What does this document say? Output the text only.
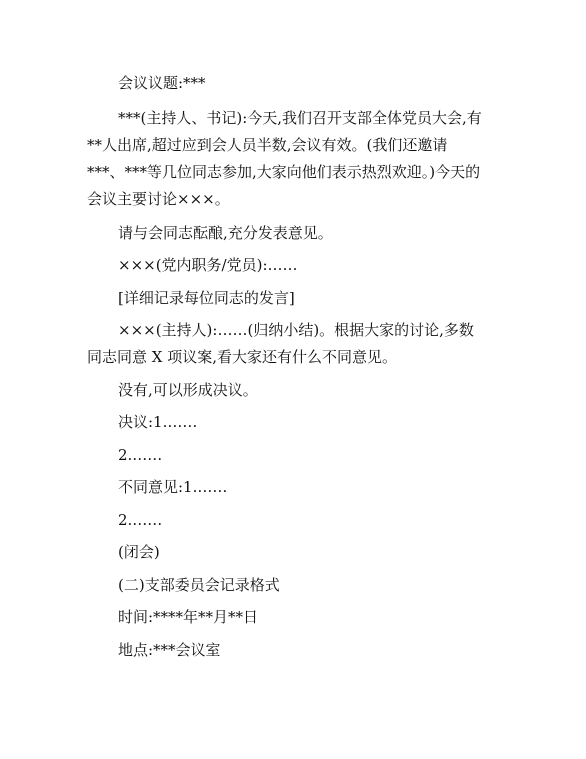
会议议题:***
***(主持人、书记):今天,我们召开支部全体党员大会,有
**人出席,超过应到会人员半数,会议有效。(我们还邀请
***、***等几位同志参加,大家向他们表示热烈欢迎。)今天的
会议主要讨论×××。
请与会同志酝酿,充分发表意见。
×××(党内职务/党员):……
[详细记录每位同志的发言]
×××(主持人):……(归纳小结)。根据大家的讨论,多数
同志同意 X 项议案,看大家还有什么不同意见。
没有,可以形成决议。
决议:1.……
2.……
不同意见:1.……
2.……
(闭会)
(二)支部委员会记录格式
时间:****年**月**日
地点:***会议室
